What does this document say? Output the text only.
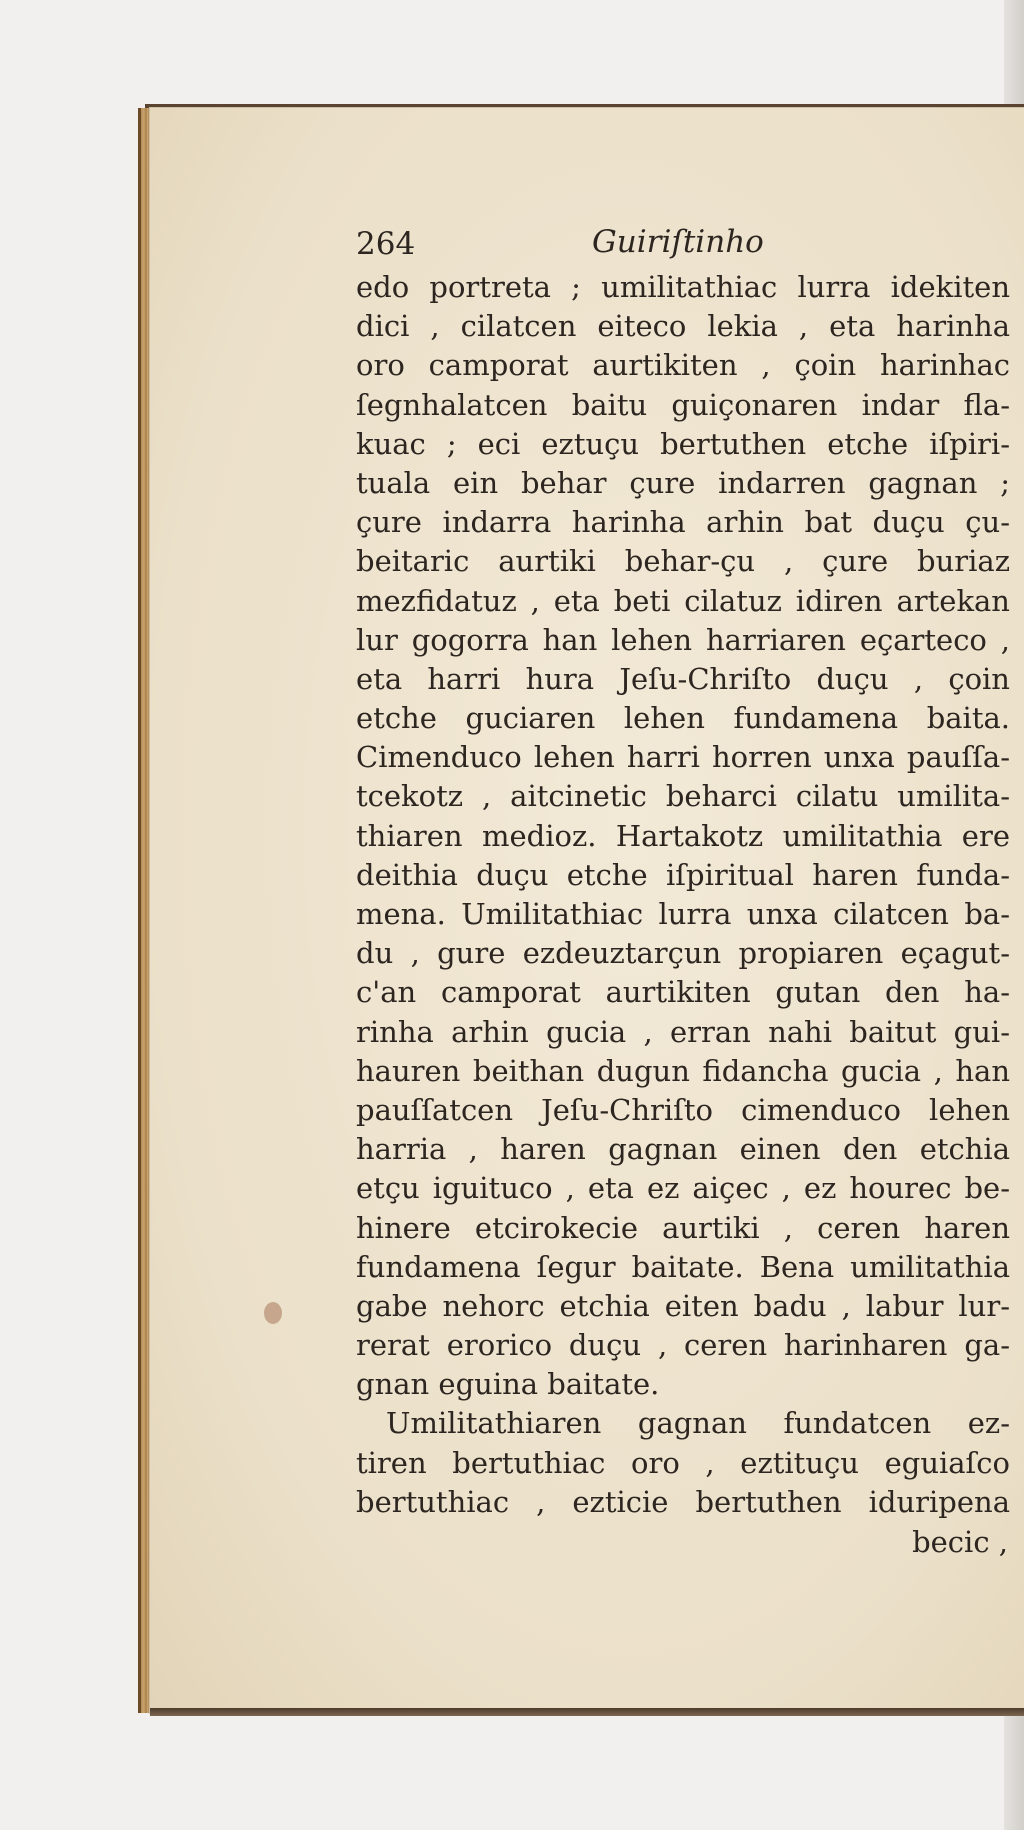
264	Guiriſtinho
edo portreta ; umilitathiac lurra idekiten
dici , cilatcen eiteco lekia , eta harinha
oro camporat aurtikiten , çoin harinhac
ſegnhalatcen baitu guiçonaren indar fla-
kuac ; eci eztuçu bertuthen etche iſpiri-
tuala ein behar çure indarren gagnan ;
çure indarra harinha arhin bat duçu çu-
beitaric aurtiki behar-çu , çure buriaz
mezfidatuz , eta beti cilatuz idiren artekan
lur gogorra han lehen harriaren eçarteco ,
eta harri hura Jeſu-Chriſto duçu , çoin
etche guciaren lehen fundamena baita.
Cimenduco lehen harri horren unxa pauſſa-
tcekotz , aitcinetic beharci cilatu umilita-
thiaren medioz. Hartakotz umilitathia ere
deithia duçu etche iſpiritual haren funda-
mena. Umilitathiac lurra unxa cilatcen ba-
du , gure ezdeuztarçun propiaren eçagut-
c'an camporat aurtikiten gutan den ha-
rinha arhin gucia , erran nahi baitut gui-
hauren beithan dugun fidancha gucia , han
pauſſatcen Jeſu-Chriſto cimenduco lehen
harria , haren gagnan einen den etchia
etçu iguituco , eta ez aiçec , ez hourec be-
hinere etcirokecie aurtiki , ceren haren
fundamena ſegur baitate. Bena umilitathia
gabe nehorc etchia eiten badu , labur lur-
rerat erorico duçu , ceren harinharen ga-
gnan eguina baitate.
Umilitathiaren gagnan fundatcen ez-
tiren bertuthiac oro , eztituçu eguiaſco
bertuthiac , ezticie bertuthen iduripena
becic ,
